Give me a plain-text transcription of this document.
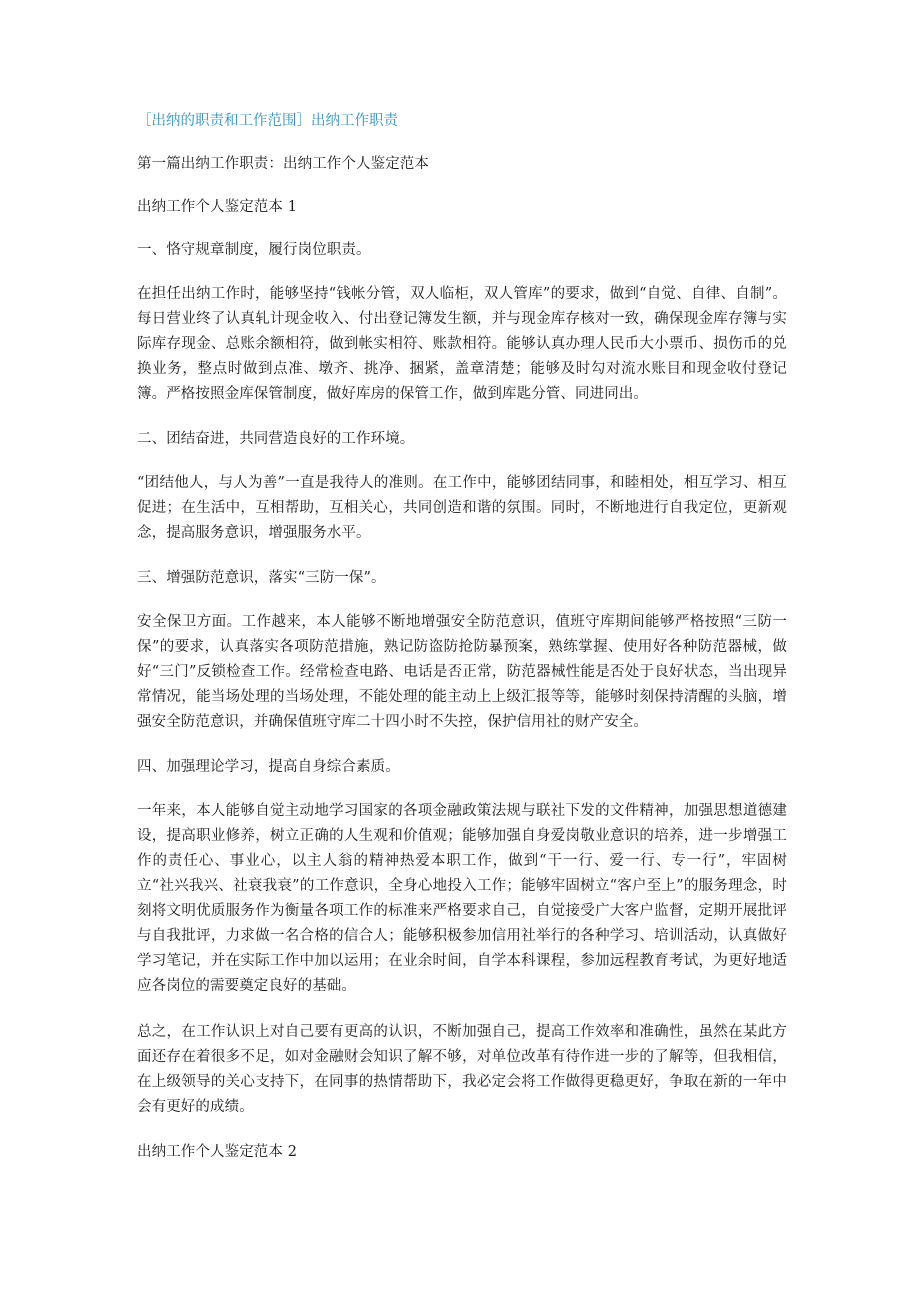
［出纳的职责和工作范围］出纳工作职责

第一篇出纳工作职责：出纳工作个人鉴定范本

出纳工作个人鉴定范本 1

一、恪守规章制度，履行岗位职责。

在担任出纳工作时，能够坚持“钱帐分管，双人临柜，双人管库”的要求，做到“自觉、自律、自制”。每日营业终了认真轧计现金收入、付出登记簿发生额，并与现金库存核对一致，确保现金库存簿与实际库存现金、总账余额相符，做到帐实相符、账款相符。能够认真办理人民币大小票币、损伤币的兑换业务，整点时做到点准、墩齐、挑净、捆紧，盖章清楚；能够及时勾对流水账目和现金收付登记簿。严格按照金库保管制度，做好库房的保管工作，做到库匙分管、同进同出。

二、团结奋进，共同营造良好的工作环境。

“团结他人，与人为善”一直是我待人的准则。在工作中，能够团结同事，和睦相处，相互学习、相互促进；在生活中，互相帮助，互相关心，共同创造和谐的氛围。同时，不断地进行自我定位，更新观念，提高服务意识，增强服务水平。

三、增强防范意识，落实“三防一保”。

安全保卫方面。工作越来，本人能够不断地增强安全防范意识，值班守库期间能够严格按照“三防一保”的要求，认真落实各项防范措施，熟记防盗防抢防暴预案，熟练掌握、使用好各种防范器械，做好“三门”反锁检查工作。经常检查电路、电话是否正常，防范器械性能是否处于良好状态，当出现异常情况，能当场处理的当场处理，不能处理的能主动上上级汇报等等，能够时刻保持清醒的头脑，增强安全防范意识，并确保值班守库二十四小时不失控，保护信用社的财产安全。

四、加强理论学习，提高自身综合素质。

一年来，本人能够自觉主动地学习国家的各项金融政策法规与联社下发的文件精神，加强思想道德建设，提高职业修养，树立正确的人生观和价值观；能够加强自身爱岗敬业意识的培养，进一步增强工作的责任心、事业心，以主人翁的精神热爱本职工作，做到“干一行、爱一行、专一行”，牢固树立“社兴我兴、社衰我衰”的工作意识，全身心地投入工作；能够牢固树立“客户至上”的服务理念，时刻将文明优质服务作为衡量各项工作的标准来严格要求自己，自觉接受广大客户监督，定期开展批评与自我批评，力求做一名合格的信合人；能够积极参加信用社举行的各种学习、培训活动，认真做好学习笔记，并在实际工作中加以运用；在业余时间，自学本科课程，参加远程教育考试，为更好地适应各岗位的需要奠定良好的基础。

总之，在工作认识上对自己要有更高的认识，不断加强自己，提高工作效率和准确性，虽然在某此方面还存在着很多不足，如对金融财会知识了解不够，对单位改革有待作进一步的了解等，但我相信，在上级领导的关心支持下，在同事的热情帮助下，我必定会将工作做得更稳更好，争取在新的一年中会有更好的成绩。

出纳工作个人鉴定范本 2
